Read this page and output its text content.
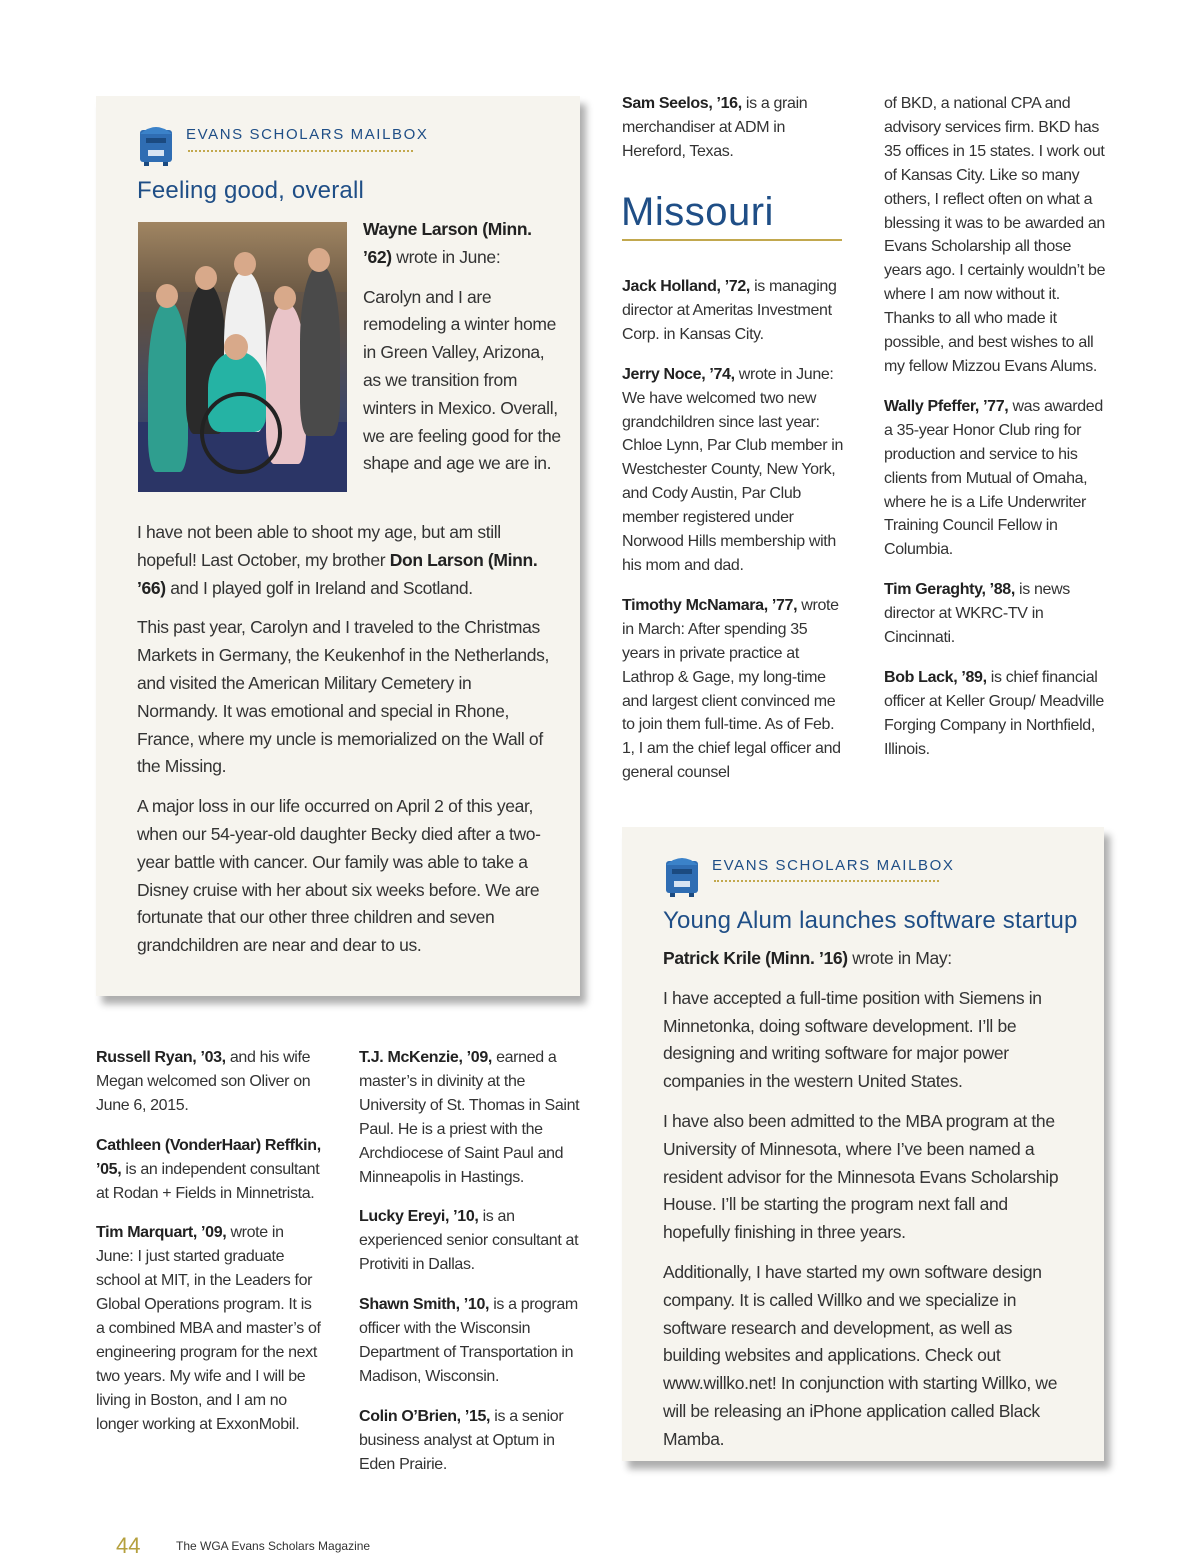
EVANS SCHOLARS MAILBOX
Feeling good, overall

Wayne Larson (Minn. ’62) wrote in June:

Carolyn and I are remodeling a winter home in Green Valley, Arizona, as we transition from winters in Mexico. Overall, we are feeling good for the shape and age we are in.

I have not been able to shoot my age, but am still hopeful! Last October, my brother Don Larson (Minn. ’66) and I played golf in Ireland and Scotland.

This past year, Carolyn and I traveled to the Christmas Markets in Germany, the Keukenhof in the Netherlands, and visited the American Military Cemetery in Normandy. It was emotional and special in Rhone, France, where my uncle is memorialized on the Wall of the Missing.

A major loss in our life occurred on April 2 of this year, when our 54-year-old daughter Becky died after a two-year battle with cancer. Our family was able to take a Disney cruise with her about six weeks before. We are fortunate that our other three children and seven grandchildren are near and dear to us.

Russell Ryan, ’03, and his wife Megan welcomed son Oliver on June 6, 2015.

Cathleen (VonderHaar) Reffkin, ’05, is an independent consultant at Rodan + Fields in Minnetrista.

Tim Marquart, ’09, wrote in June: I just started graduate school at MIT, in the Leaders for Global Operations program. It is a combined MBA and master’s of engineering program for the next two years. My wife and I will be living in Boston, and I am no longer working at ExxonMobil.

T.J. McKenzie, ’09, earned a master’s in divinity at the University of St. Thomas in Saint Paul. He is a priest with the Archdiocese of Saint Paul and Minneapolis in Hastings.

Lucky Ereyi, ’10, is an experienced senior consultant at Protiviti in Dallas.

Shawn Smith, ’10, is a program officer with the Wisconsin Department of Transportation in Madison, Wisconsin.

Colin O’Brien, ’15, is a senior business analyst at Optum in Eden Prairie.

Sam Seelos, ’16, is a grain merchandiser at ADM in Hereford, Texas.

Missouri

Jack Holland, ’72, is managing director at Ameritas Investment Corp. in Kansas City.

Jerry Noce, ’74, wrote in June: We have welcomed two new grandchildren since last year: Chloe Lynn, Par Club member in Westchester County, New York, and Cody Austin, Par Club member registered under Norwood Hills membership with his mom and dad.

Timothy McNamara, ’77, wrote in March: After spending 35 years in private practice at Lathrop & Gage, my long-time and largest client convinced me to join them full-time. As of Feb. 1, I am the chief legal officer and general counsel

of BKD, a national CPA and advisory services firm. BKD has 35 offices in 15 states. I work out of Kansas City. Like so many others, I reflect often on what a blessing it was to be awarded an Evans Scholarship all those years ago. I certainly wouldn’t be where I am now without it. Thanks to all who made it possible, and best wishes to all my fellow Mizzou Evans Alums.

Wally Pfeffer, ’77, was awarded a 35-year Honor Club ring for production and service to his clients from Mutual of Omaha, where he is a Life Underwriter Training Council Fellow in Columbia.

Tim Geraghty, ’88, is news director at WKRC-TV in Cincinnati.

Bob Lack, ’89, is chief financial officer at Keller Group/ Meadville Forging Company in Northfield, Illinois.

EVANS SCHOLARS MAILBOX
Young Alum launches software startup

Patrick Krile (Minn. ’16) wrote in May:

I have accepted a full-time position with Siemens in Minnetonka, doing software development. I’ll be designing and writing software for major power companies in the western United States.

I have also been admitted to the MBA program at the University of Minnesota, where I’ve been named a resident advisor for the Minnesota Evans Scholarship House. I’ll be starting the program next fall and hopefully finishing in three years.

Additionally, I have started my own software design company. It is called Willko and we specialize in software research and development, as well as building websites and applications. Check out www.willko.net! In conjunction with starting Willko, we will be releasing an iPhone application called Black Mamba.

44	The WGA Evans Scholars Magazine
